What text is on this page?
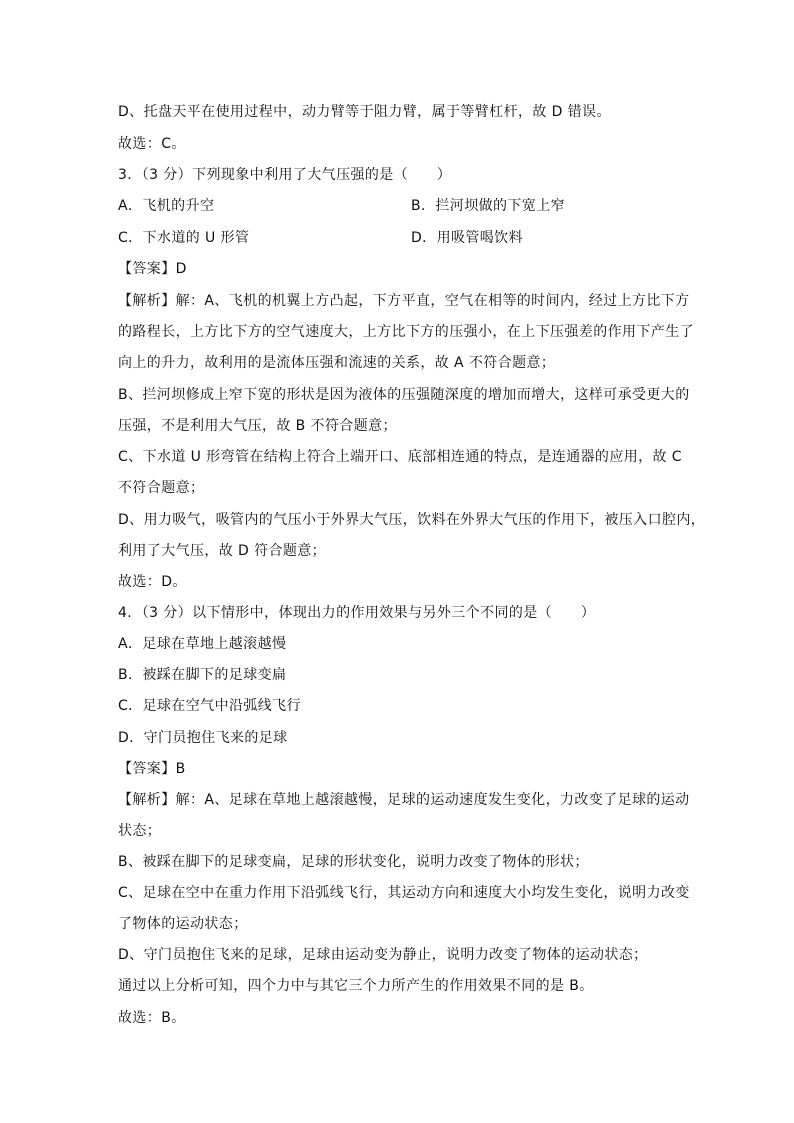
D、托盘天平在使用过程中，动力臂等于阻力臂，属于等臂杠杆，故 D 错误。
故选：C。
3．（3 分）下列现象中利用了大气压强的是（　　）
A．飞机的升空	B．拦河坝做的下宽上窄
C．下水道的 U 形管	D．用吸管喝饮料
【答案】D
【解析】解：A、飞机的机翼上方凸起，下方平直，空气在相等的时间内，经过上方比下方
的路程长，上方比下方的空气速度大，上方比下方的压强小，在上下压强差的作用下产生了
向上的升力，故利用的是流体压强和流速的关系，故 A 不符合题意；
B、拦河坝修成上窄下宽的形状是因为液体的压强随深度的增加而增大，这样可承受更大的
压强，不是利用大气压，故 B 不符合题意；
C、下水道 U 形弯管在结构上符合上端开口、底部相连通的特点，是连通器的应用，故 C
不符合题意；
D、用力吸气，吸管内的气压小于外界大气压，饮料在外界大气压的作用下，被压入口腔内，
利用了大气压，故 D 符合题意；
故选：D。
4．（3 分）以下情形中，体现出力的作用效果与另外三个不同的是（　　）
A．足球在草地上越滚越慢
B．被踩在脚下的足球变扁
C．足球在空气中沿弧线飞行
D．守门员抱住飞来的足球
【答案】B
【解析】解：A、足球在草地上越滚越慢，足球的运动速度发生变化，力改变了足球的运动
状态；
B、被踩在脚下的足球变扁，足球的形状变化，说明力改变了物体的形状；
C、足球在空中在重力作用下沿弧线飞行，其运动方向和速度大小均发生变化，说明力改变
了物体的运动状态；
D、守门员抱住飞来的足球，足球由运动变为静止，说明力改变了物体的运动状态；
通过以上分析可知，四个力中与其它三个力所产生的作用效果不同的是 B。
故选：B。
